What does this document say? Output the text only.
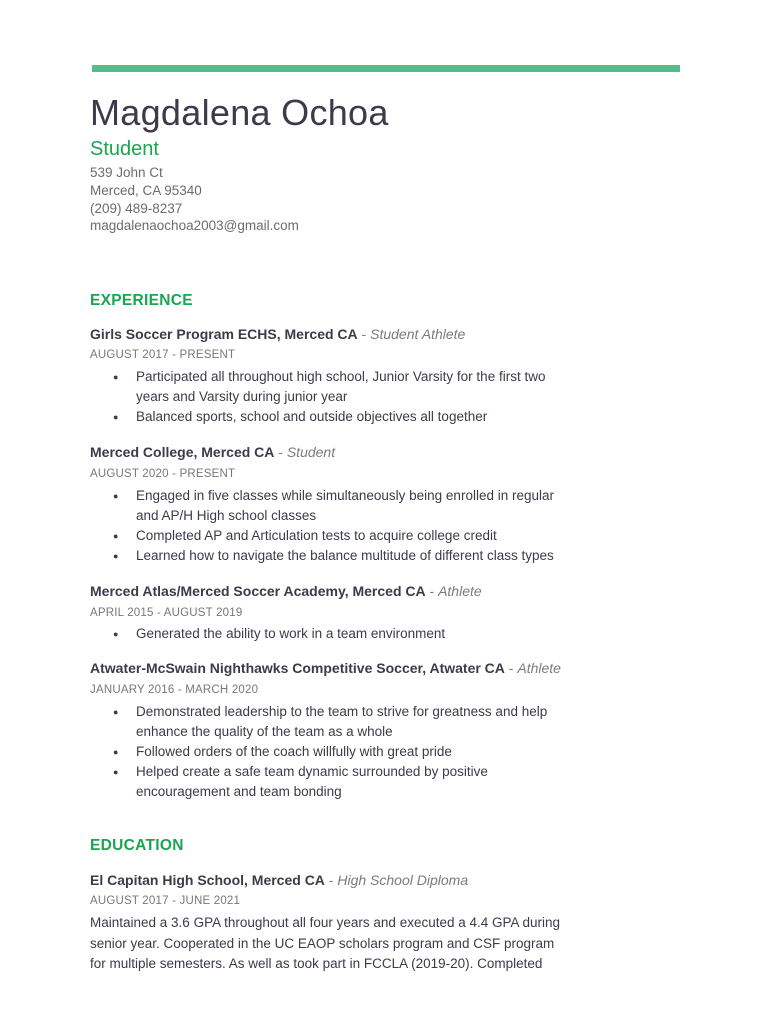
Magdalena Ochoa
Student
539 John Ct
Merced, CA 95340
(209) 489-8237
magdalenaochoa2003@gmail.com
EXPERIENCE
Girls Soccer Program ECHS, Merced CA - Student Athlete
AUGUST 2017 - PRESENT
● Participated all throughout high school, Junior Varsity for the first two years and Varsity during junior year
● Balanced sports, school and outside objectives all together
Merced College, Merced CA - Student
AUGUST 2020 - PRESENT
● Engaged in five classes while simultaneously being enrolled in regular and AP/H High school classes
● Completed AP and Articulation tests to acquire college credit
● Learned how to navigate the balance multitude of different class types
Merced Atlas/Merced Soccer Academy, Merced CA - Athlete
APRIL 2015 - AUGUST 2019
● Generated the ability to work in a team environment
Atwater-McSwain Nighthawks Competitive Soccer, Atwater CA - Athlete
JANUARY 2016 - MARCH 2020
● Demonstrated leadership to the team to strive for greatness and help enhance the quality of the team as a whole
● Followed orders of the coach willfully with great pride
● Helped create a safe team dynamic surrounded by positive encouragement and team bonding
EDUCATION
El Capitan High School, Merced CA - High School Diploma
AUGUST 2017 - JUNE 2021
Maintained a 3.6 GPA throughout all four years and executed a 4.4 GPA during senior year. Cooperated in the UC EAOP scholars program and CSF program for multiple semesters. As well as took part in FCCLA (2019-20). Completed
